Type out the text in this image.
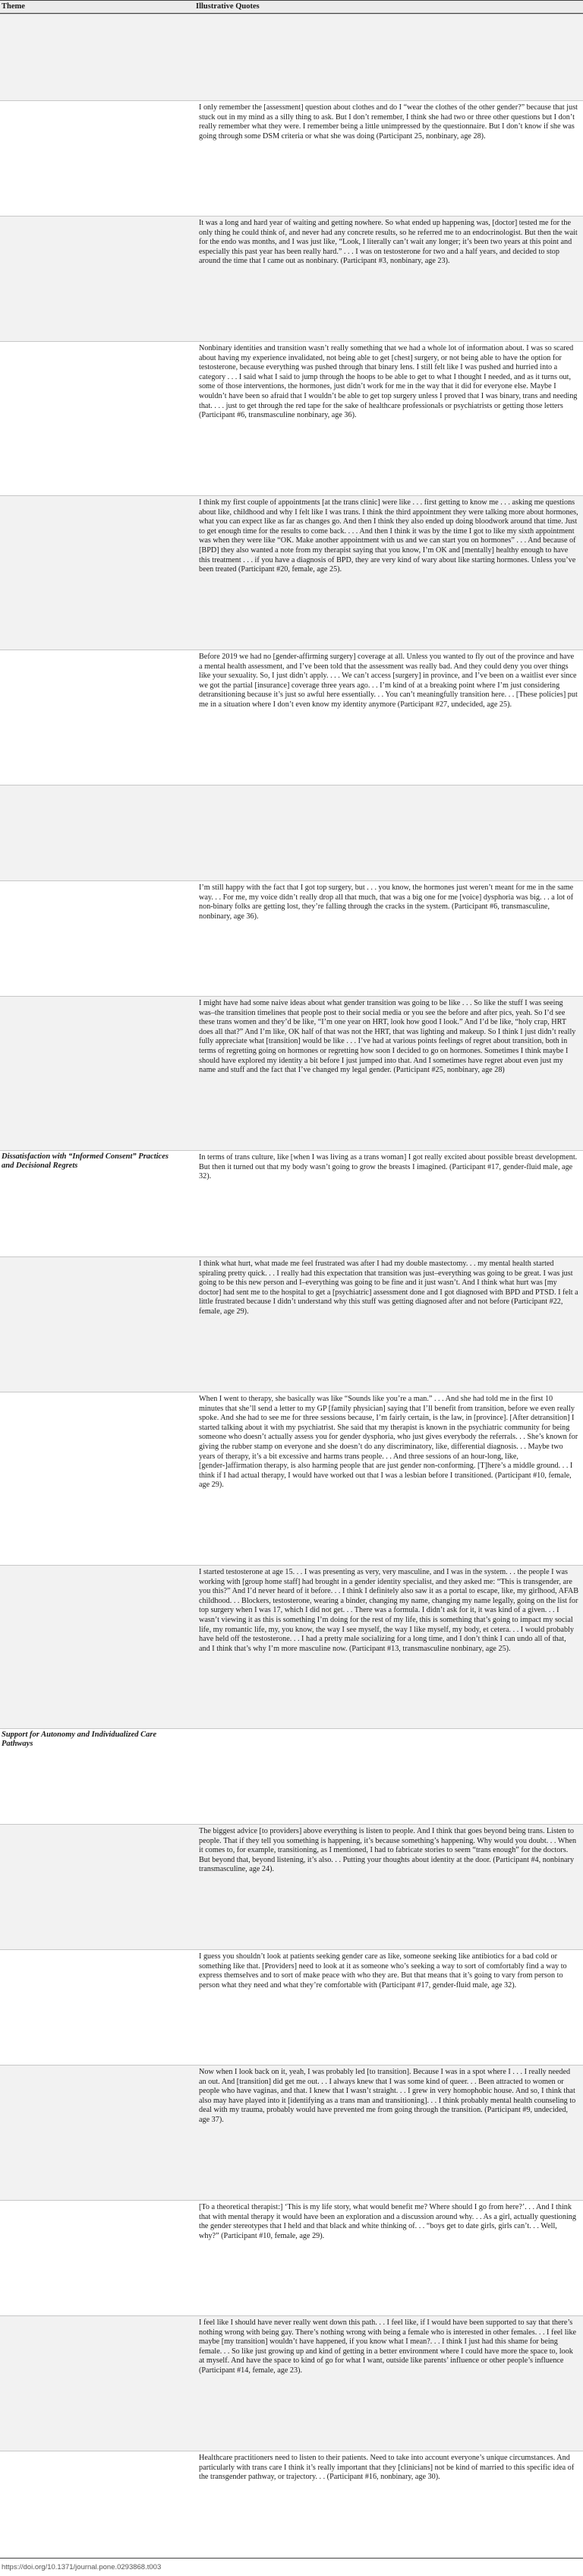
Theme	Illustrative Quotes
I only remember the [assessment] question about clothes and do I “wear the clothes of the other gender?” because that just stuck out in my mind as a silly thing to ask. But I don’t remember, I think she had two or three other questions but I don’t really remember what they were. I remember being a little unimpressed by the questionnaire. But I don’t know if she was going through some DSM criteria or what she was doing (Participant 25, nonbinary, age 28).
It was a long and hard year of waiting and getting nowhere. So what ended up happening was, [doctor] tested me for the only thing he could think of, and never had any concrete results, so he referred me to an endocrinologist. But then the wait for the endo was months, and I was just like, “Look, I literally can’t wait any longer; it’s been two years at this point and especially this past year has been really hard.” . . . I was on testosterone for two and a half years, and decided to stop around the time that I came out as nonbinary. (Participant #3, nonbinary, age 23).
Nonbinary identities and transition wasn’t really something that we had a whole lot of information about. I was so scared about having my experience invalidated, not being able to get [chest] surgery, or not being able to have the option for testosterone, because everything was pushed through that binary lens. I still felt like I was pushed and hurried into a category . . . I said what I said to jump through the hoops to be able to get to what I thought I needed, and as it turns out, some of those interventions, the hormones, just didn’t work for me in the way that it did for everyone else. Maybe I wouldn’t have been so afraid that I wouldn’t be able to get top surgery unless I proved that I was binary, trans and needing that. . . . just to get through the red tape for the sake of healthcare professionals or psychiatrists or getting those letters (Participant #6, transmasculine nonbinary, age 36).
I think my first couple of appointments [at the trans clinic] were like . . . first getting to know me . . . asking me questions about like, childhood and why I felt like I was trans. I think the third appointment they were talking more about hormones, what you can expect like as far as changes go. And then I think they also ended up doing bloodwork around that time. Just to get enough time for the results to come back. . . . And then I think it was by the time I got to like my sixth appointment was when they were like “OK. Make another appointment with us and we can start you on hormones” . . . And because of [BPD] they also wanted a note from my therapist saying that you know, I’m OK and [mentally] healthy enough to have this treatment . . . if you have a diagnosis of BPD, they are very kind of wary about like starting hormones. Unless you’ve been treated (Participant #20, female, age 25).
Before 2019 we had no [gender-affirming surgery] coverage at all. Unless you wanted to fly out of the province and have a mental health assessment, and I’ve been told that the assessment was really bad. And they could deny you over things like your sexuality. So, I just didn’t apply. . . . We can’t access [surgery] in province, and I’ve been on a waitlist ever since we got the partial [insurance] coverage three years ago. . . I’m kind of at a breaking point where I’m just considering detransitioning because it’s just so awful here essentially. . . You can’t meaningfully transition here. . . [These policies] put me in a situation where I don’t even know my identity anymore (Participant #27, undecided, age 25).
Dissatisfaction with “Informed Consent” Practices and Decisional Regrets
I’m still happy with the fact that I got top surgery, but . . . you know, the hormones just weren’t meant for me in the same way. . . For me, my voice didn’t really drop all that much, that was a big one for me [voice] dysphoria was big. . . a lot of non-binary folks are getting lost, they’re falling through the cracks in the system. (Participant #6, transmasculine, nonbinary, age 36).
I might have had some naive ideas about what gender transition was going to be like . . . So like the stuff I was seeing was–the transition timelines that people post to their social media or you see the before and after pics, yeah. So I’d see these trans women and they’d be like, “I’m one year on HRT, look how good I look.” And I’d be like, “holy crap, HRT does all that?” And I’m like, OK half of that was not the HRT, that was lighting and makeup. So I think I just didn’t really fully appreciate what [transition] would be like . . . I’ve had at various points feelings of regret about transition, both in terms of regretting going on hormones or regretting how soon I decided to go on hormones. Sometimes I think maybe I should have explored my identity a bit before I just jumped into that. And I sometimes have regret about even just my name and stuff and the fact that I’ve changed my legal gender. (Participant #25, nonbinary, age 28)
In terms of trans culture, like [when I was living as a trans woman] I got really excited about possible breast development. But then it turned out that my body wasn’t going to grow the breasts I imagined. (Participant #17, gender-fluid male, age 32).
I think what hurt, what made me feel frustrated was after I had my double mastectomy. . . my mental health started spiraling pretty quick. . . I really had this expectation that transition was just–everything was going to be great. I was just going to be this new person and I–everything was going to be fine and it just wasn’t. And I think what hurt was [my doctor] had sent me to the hospital to get a [psychiatric] assessment done and I got diagnosed with BPD and PTSD. I felt a little frustrated because I didn’t understand why this stuff was getting diagnosed after and not before (Participant #22, female, age 29).
When I went to therapy, she basically was like “Sounds like you’re a man.” . . . And she had told me in the first 10 minutes that she’ll send a letter to my GP [family physician] saying that I’ll benefit from transition, before we even really spoke. And she had to see me for three sessions because, I’m fairly certain, is the law, in [province]. [After detransition] I started talking about it with my psychiatrist. She said that my therapist is known in the psychiatric community for being someone who doesn’t actually assess you for gender dysphoria, who just gives everybody the referrals. . . She’s known for giving the rubber stamp on everyone and she doesn’t do any discriminatory, like, differential diagnosis. . . Maybe two years of therapy, it’s a bit excessive and harms trans people. . . And three sessions of an hour-long, like, [gender-]affirmation therapy, is also harming people that are just gender non-conforming. [T]here’s a middle ground. . . I think if I had actual therapy, I would have worked out that I was a lesbian before I transitioned. (Participant #10, female, age 29).
I started testosterone at age 15. . . I was presenting as very, very masculine, and I was in the system. . . the people I was working with [group home staff] had brought in a gender identity specialist, and they asked me: “This is transgender, are you this?” And I’d never heard of it before. . . I think I definitely also saw it as a portal to escape, like, my girlhood, AFAB childhood. . . Blockers, testosterone, wearing a binder, changing my name, changing my name legally, going on the list for top surgery when I was 17, which I did not get. . . There was a formula. I didn’t ask for it, it was kind of a given. . . I wasn’t viewing it as this is something I’m doing for the rest of my life, this is something that’s going to impact my social life, my romantic life, my, you know, the way I see myself, the way I like myself, my body, et cetera. . . I would probably have held off the testosterone. . . I had a pretty male socializing for a long time, and I don’t think I can undo all of that, and I think that’s why I’m more masculine now. (Participant #13, transmasculine nonbinary, age 25).
Support for Autonomy and Individualized Care Pathways
The biggest advice [to providers] above everything is listen to people. And I think that goes beyond being trans. Listen to people. That if they tell you something is happening, it’s because something’s happening. Why would you doubt. . . When it comes to, for example, transitioning, as I mentioned, I had to fabricate stories to seem “trans enough” for the doctors. But beyond that, beyond listening, it’s also. . . Putting your thoughts about identity at the door. (Participant #4, nonbinary transmasculine, age 24).
I guess you shouldn’t look at patients seeking gender care as like, someone seeking like antibiotics for a bad cold or something like that. [Providers] need to look at it as someone who’s seeking a way to sort of comfortably find a way to express themselves and to sort of make peace with who they are. But that means that it’s going to vary from person to person what they need and what they’re comfortable with (Participant #17, gender-fluid male, age 32).
Now when I look back on it, yeah, I was probably led [to transition]. Because I was in a spot where I . . . I really needed an out. And [transition] did get me out. . . I always knew that I was some kind of queer. . . Been attracted to women or people who have vaginas, and that. I knew that I wasn’t straight. . . I grew in very homophobic house. And so, I think that also may have played into it [identifying as a trans man and transitioning]. . . I think probably mental health counseling to deal with my trauma, probably would have prevented me from going through the transition. (Participant #9, undecided, age 37).
[To a theoretical therapist:] ‘This is my life story, what would benefit me? Where should I go from here?’. . . And I think that with mental therapy it would have been an exploration and a discussion around why. . . As a girl, actually questioning the gender stereotypes that I held and that black and white thinking of. . . “boys get to date girls, girls can’t. . . Well, why?” (Participant #10, female, age 29).
I feel like I should have never really went down this path. . . I feel like, if I would have been supported to say that there’s nothing wrong with being gay. There’s nothing wrong with being a female who is interested in other females. . . I feel like maybe [my transition] wouldn’t have happened, if you know what I mean?. . . I think I just had this shame for being female. . . So like just growing up and kind of getting in a better environment where I could have more the space to, look at myself. And have the space to kind of go for what I want, outside like parents’ influence or other people’s influence (Participant #14, female, age 23).
Healthcare practitioners need to listen to their patients. Need to take into account everyone’s unique circumstances. And particularly with trans care I think it’s really important that they [clinicians] not be kind of married to this specific idea of the transgender pathway, or trajectory. . . (Participant #16, nonbinary, age 30).
https://doi.org/10.1371/journal.pone.0293868.t003
